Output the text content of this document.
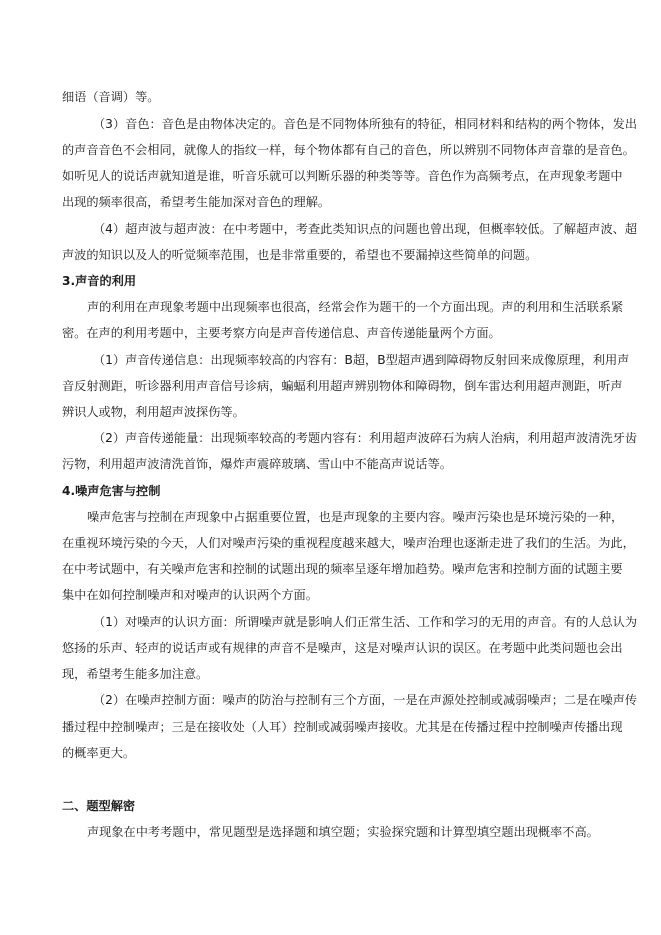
细语（音调）等。
（3）音色：音色是由物体决定的。音色是不同物体所独有的特征，相同材料和结构的两个物体，发出
的声音音色不会相同，就像人的指纹一样，每个物体都有自己的音色，所以辨别不同物体声音靠的是音色。
如听见人的说话声就知道是谁，听音乐就可以判断乐器的种类等等。音色作为高频考点，在声现象考题中
出现的频率很高，希望考生能加深对音色的理解。
（4）超声波与超声波：在中考题中，考查此类知识点的问题也曾出现，但概率较低。了解超声波、超
声波的知识以及人的听觉频率范围，也是非常重要的，希望也不要漏掉这些简单的问题。
3.声音的利用
声的利用在声现象考题中出现频率也很高，经常会作为题干的一个方面出现。声的利用和生活联系紧
密。在声的利用考题中，主要考察方向是声音传递信息、声音传递能量两个方面。
（1）声音传递信息：出现频率较高的内容有：B超，B型超声遇到障碍物反射回来成像原理，利用声
音反射测距，听诊器利用声音信号诊病，蝙蝠利用超声辨别物体和障碍物，倒车雷达利用超声测距，听声
辨识人或物，利用超声波探伤等。
（2）声音传递能量：出现频率较高的考题内容有：利用超声波碎石为病人治病，利用超声波清洗牙齿
污物，利用超声波清洗首饰，爆炸声震碎玻璃、雪山中不能高声说话等。
4.噪声危害与控制
噪声危害与控制在声现象中占据重要位置，也是声现象的主要内容。噪声污染也是环境污染的一种，
在重视环境污染的今天，人们对噪声污染的重视程度越来越大，噪声治理也逐渐走进了我们的生活。为此，
在中考试题中，有关噪声危害和控制的试题出现的频率呈逐年增加趋势。噪声危害和控制方面的试题主要
集中在如何控制噪声和对噪声的认识两个方面。
（1）对噪声的认识方面：所谓噪声就是影响人们正常生活、工作和学习的无用的声音。有的人总认为
悠扬的乐声、轻声的说话声或有规律的声音不是噪声，这是对噪声认识的误区。在考题中此类问题也会出
现，希望考生能多加注意。
（2）在噪声控制方面：噪声的防治与控制有三个方面，一是在声源处控制或减弱噪声；二是在噪声传
播过程中控制噪声；三是在接收处（人耳）控制或减弱噪声接收。尤其是在传播过程中控制噪声传播出现
的概率更大。
二、题型解密
声现象在中考考题中，常见题型是选择题和填空题；实验探究题和计算型填空题出现概率不高。
